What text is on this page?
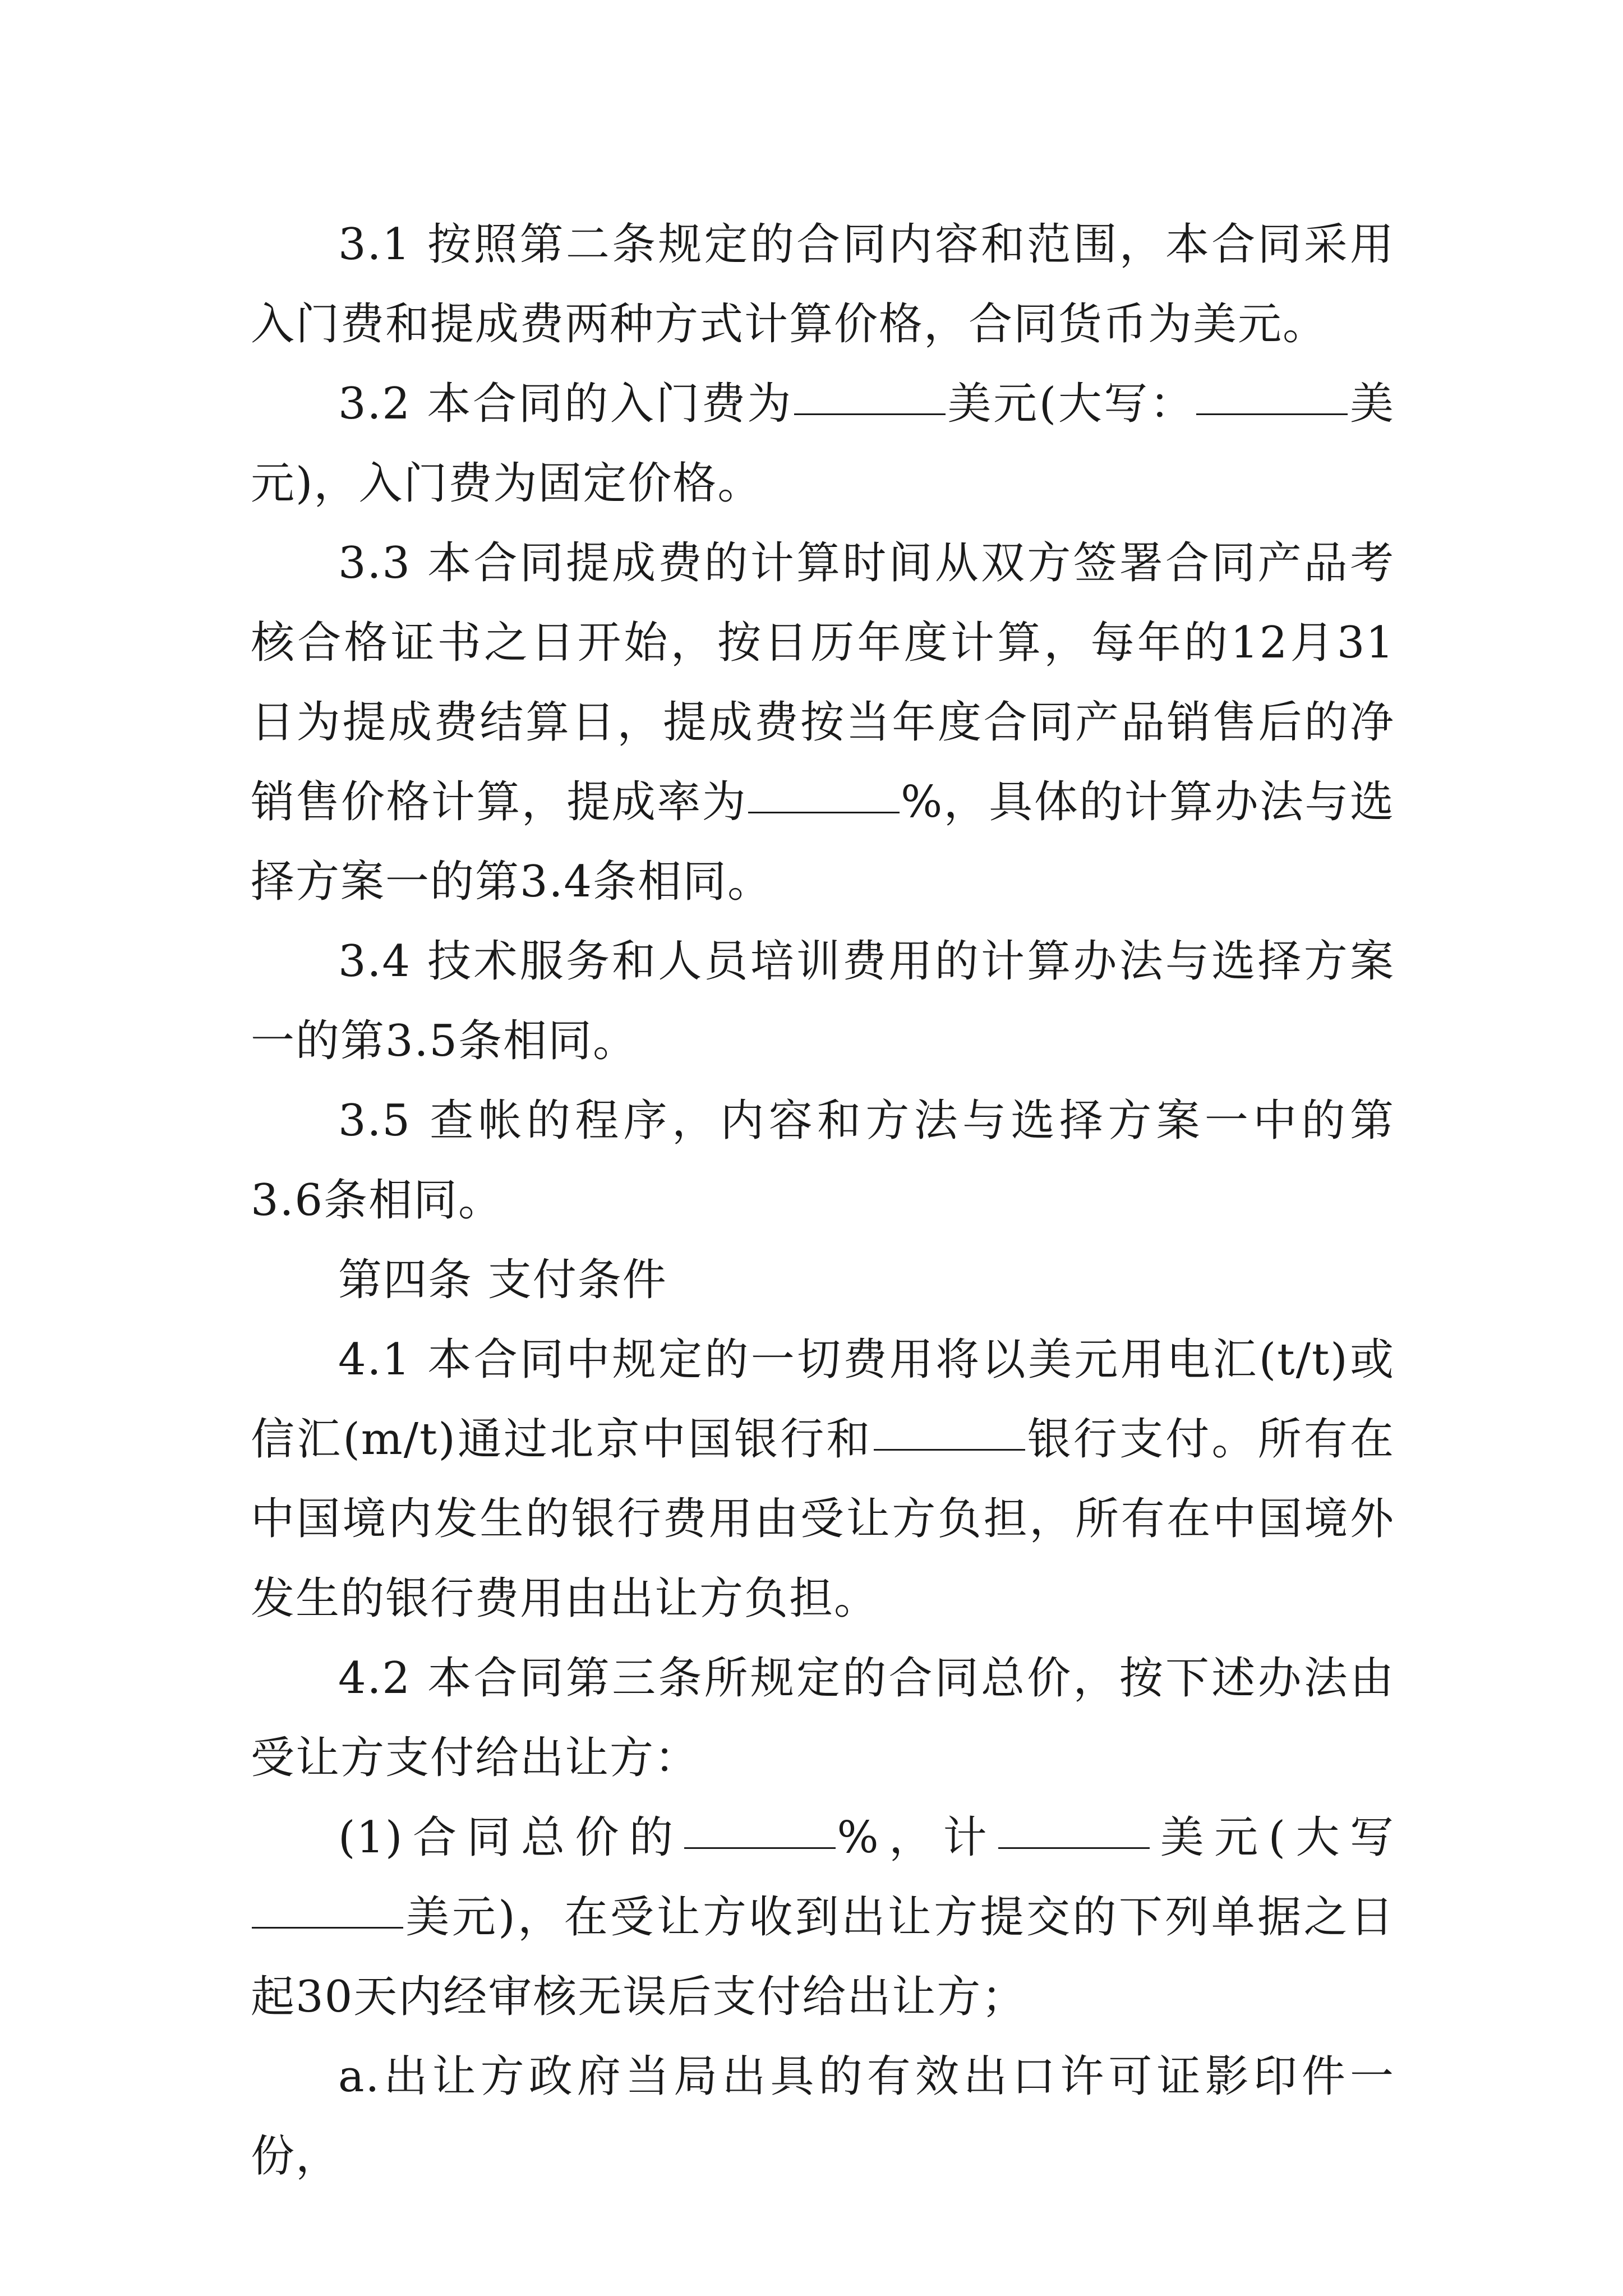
3.1 按照第二条规定的合同内容和范围，本合同采用入门费和提成费两种方式计算价格，合同货币为美元。

3.2 本合同的入门费为	美元(大写：	美元)，入门费为固定价格。

3.3 本合同提成费的计算时间从双方签署合同产品考核合格证书之日开始，按日历年度计算，每年的12月31日为提成费结算日，提成费按当年度合同产品销售后的净销售价格计算，提成率为	%，具体的计算办法与选择方案一的第3.4条相同。

3.4 技术服务和人员培训费用的计算办法与选择方案一的第3.5条相同。

3.5 查帐的程序，内容和方法与选择方案一中的第3.6条相同。

第四条 支付条件

4.1 本合同中规定的一切费用将以美元用电汇(t/t)或信汇(m/t)通过北京中国银行和	银行支付。所有在中国境内发生的银行费用由受让方负担，所有在中国境外发生的银行费用由出让方负担。

4.2 本合同第三条所规定的合同总价，按下述办法由受让方支付给出让方：

(1)合同总价的	%，计	美元(大写美元)，在受让方收到出让方提交的下列单据之日起30天内经审核无误后支付给出让方；

a.出让方政府当局出具的有效出口许可证影印件一份，
